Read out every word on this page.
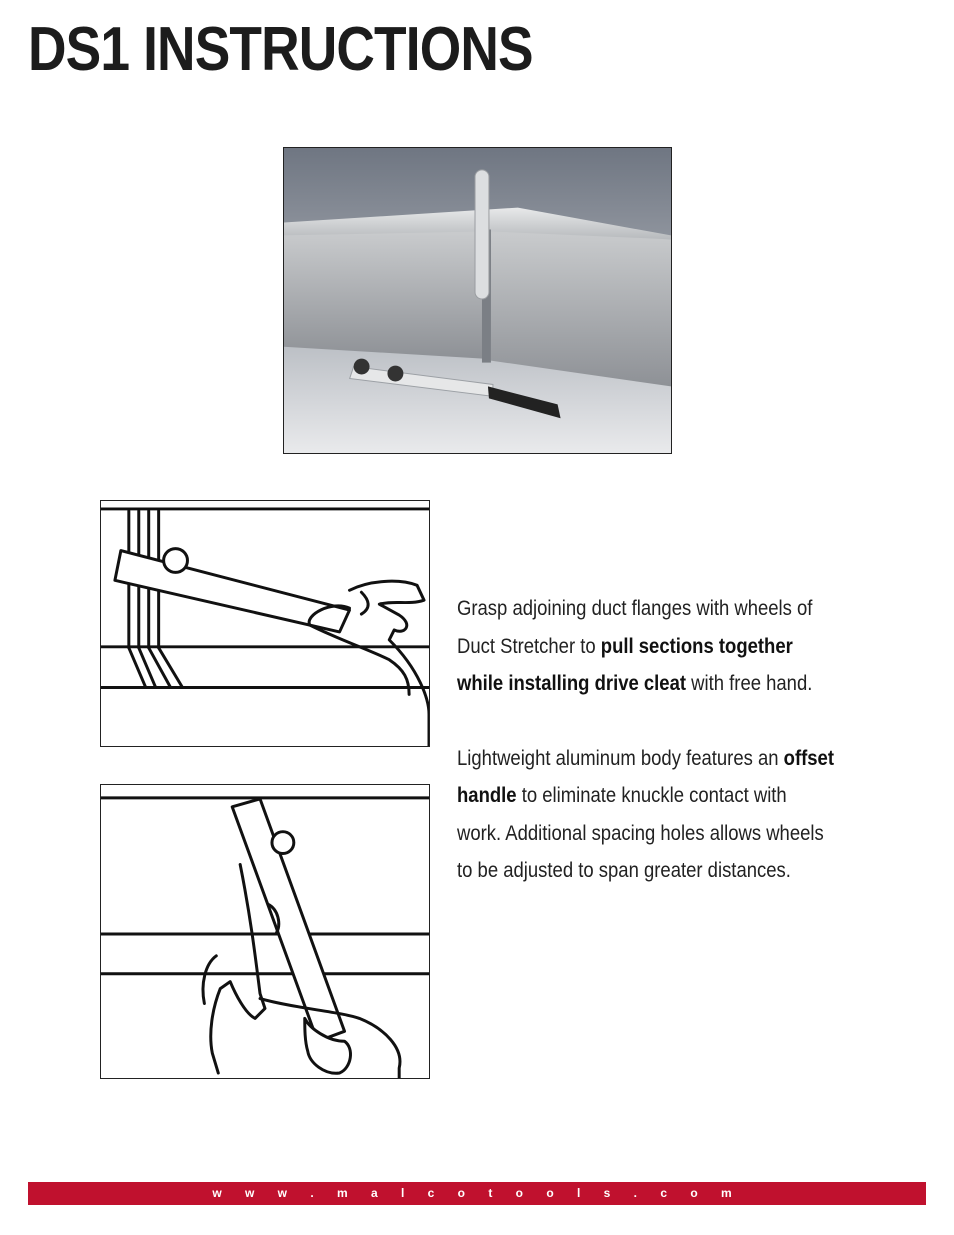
DS1 INSTRUCTIONS

Grasp adjoining duct flanges with wheels of Duct Stretcher to pull sections together while installing drive cleat with free hand.

Lightweight aluminum body features an offset handle to eliminate knuckle contact with work. Additional spacing holes allows wheels to be adjusted to span greater distances.

w w w . m a l c o t o o l s . c o m
